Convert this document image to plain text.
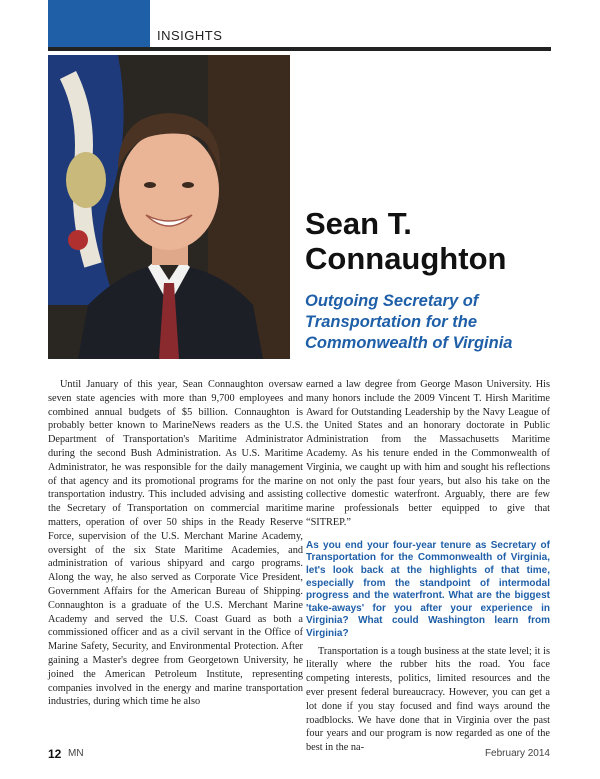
INSIGHTS
Sean T. Connaughton
Outgoing Secretary of Transportation for the Commonwealth of Virginia

Until January of this year, Sean Connaughton oversaw seven state agencies with more than 9,700 employees and combined annual budgets of $5 billion. Connaughton is probably better known to MarineNews readers as the U.S. Department of Transportation's Maritime Administrator during the second Bush Administration. As U.S. Maritime Administrator, he was responsible for the daily management of that agency and its promotional programs for the marine transportation industry. This included advising and assisting the Secretary of Transportation on commercial maritime matters, operation of over 50 ships in the Ready Reserve Force, supervision of the U.S. Merchant Marine Academy, oversight of the six State Maritime Academies, and administration of various shipyard and cargo programs. Along the way, he also served as Corporate Vice President, Government Affairs for the American Bureau of Shipping. Connaughton is a graduate of the U.S. Merchant Marine Academy and served the U.S. Coast Guard as both a commissioned officer and as a civil servant in the Office of Marine Safety, Security, and Environmental Protection. After gaining a Master's degree from Georgetown University, he joined the American Petroleum Institute, representing companies involved in the energy and marine transportation industries, during which time he also

earned a law degree from George Mason University. His many honors include the 2009 Vincent T. Hirsh Maritime Award for Outstanding Leadership by the Navy League of the United States and an honorary doctorate in Public Administration from the Massachusetts Maritime Academy. As his tenure ended in the Commonwealth of Virginia, we caught up with him and sought his reflections on not only the past four years, but also his take on the collective domestic waterfront. Arguably, there are few marine professionals better equipped to give that “SITREP.”

As you end your four-year tenure as Secretary of Transportation for the Commonwealth of Virginia, let's look back at the highlights of that time, especially from the standpoint of intermodal progress and the waterfront. What are the biggest 'take-aways' for you after your experience in Virginia? What could Washington learn from Virginia?

Transportation is a tough business at the state level; it is literally where the rubber hits the road. You face competing interests, politics, limited resources and the ever present federal bureaucracy. However, you can get a lot done if you stay focused and find ways around the roadblocks. We have done that in Virginia over the past four years and our program is now regarded as one of the best in the na-

12 MN	February 2014
